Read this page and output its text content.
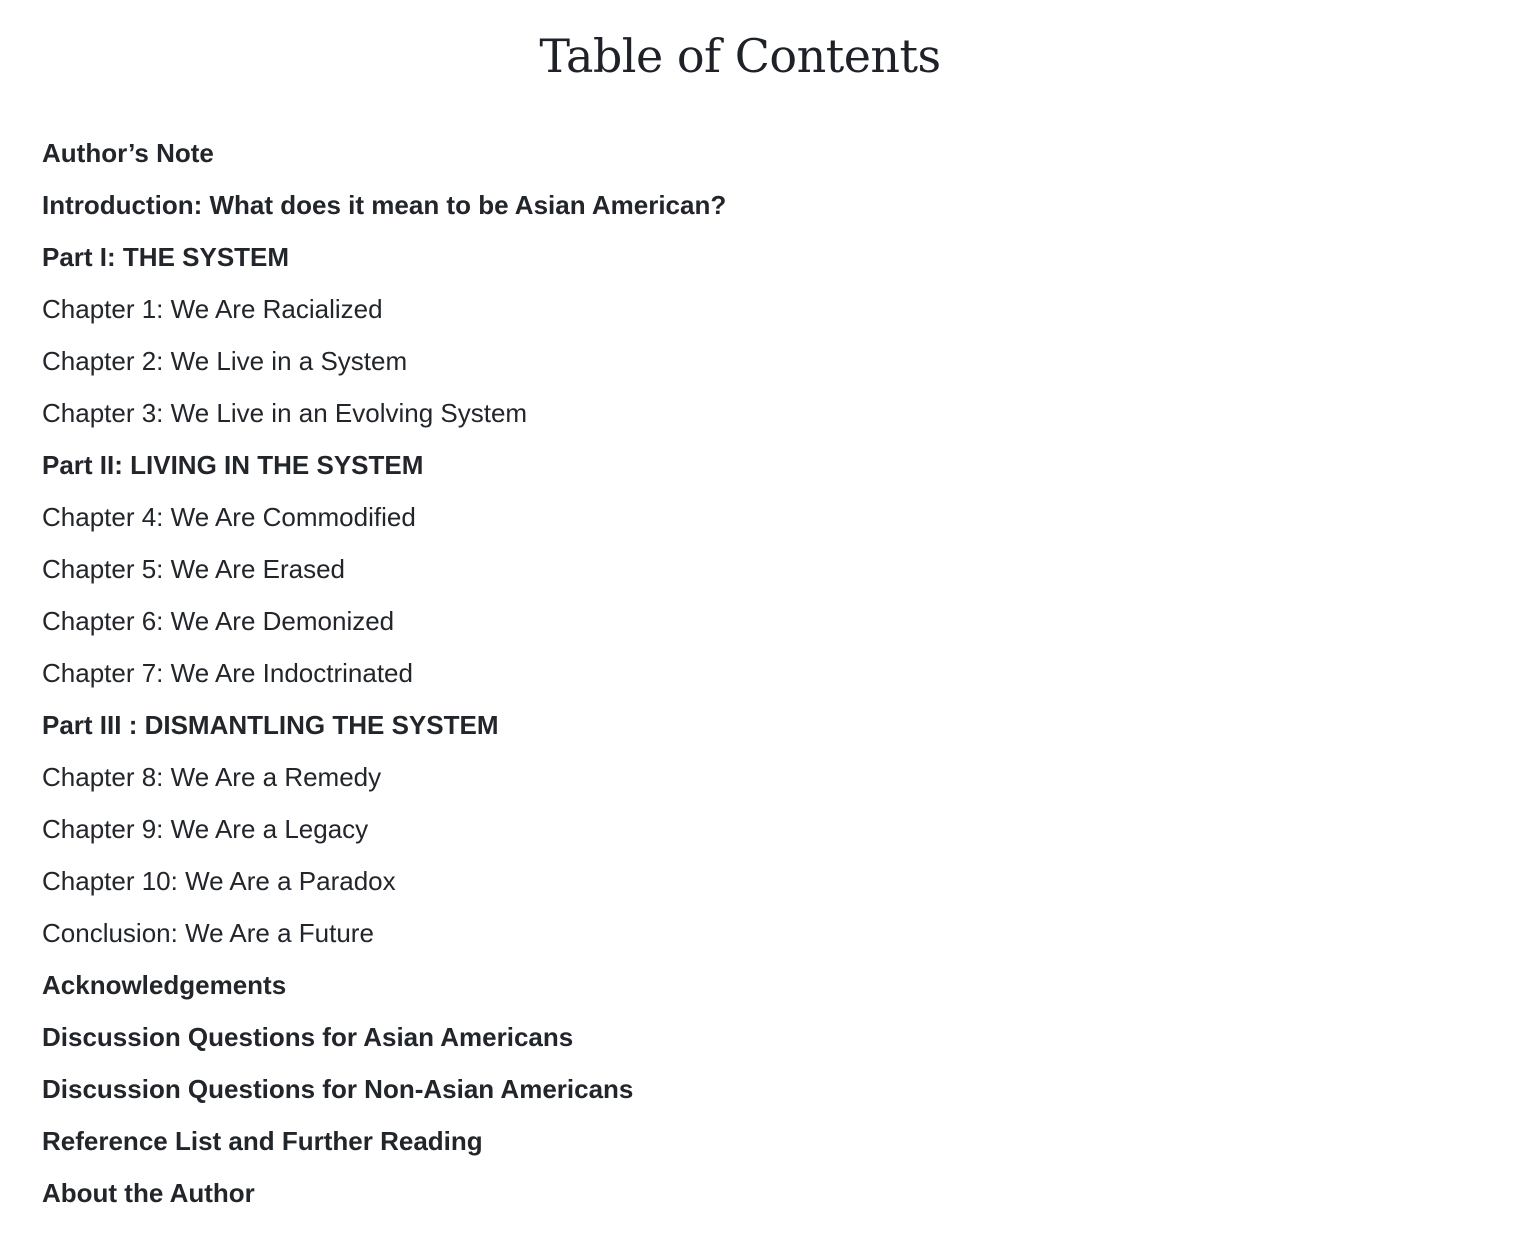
Table of Contents
Author’s Note
Introduction: What does it mean to be Asian American?
Part I: THE SYSTEM
Chapter 1: We Are Racialized
Chapter 2: We Live in a System
Chapter 3: We Live in an Evolving System
Part II: LIVING IN THE SYSTEM
Chapter 4: We Are Commodified
Chapter 5: We Are Erased
Chapter 6: We Are Demonized
Chapter 7: We Are Indoctrinated
Part III : DISMANTLING THE SYSTEM
Chapter 8: We Are a Remedy
Chapter 9: We Are a Legacy
Chapter 10: We Are a Paradox
Conclusion: We Are a Future
Acknowledgements
Discussion Questions for Asian Americans
Discussion Questions for Non-Asian Americans
Reference List and Further Reading
About the Author
